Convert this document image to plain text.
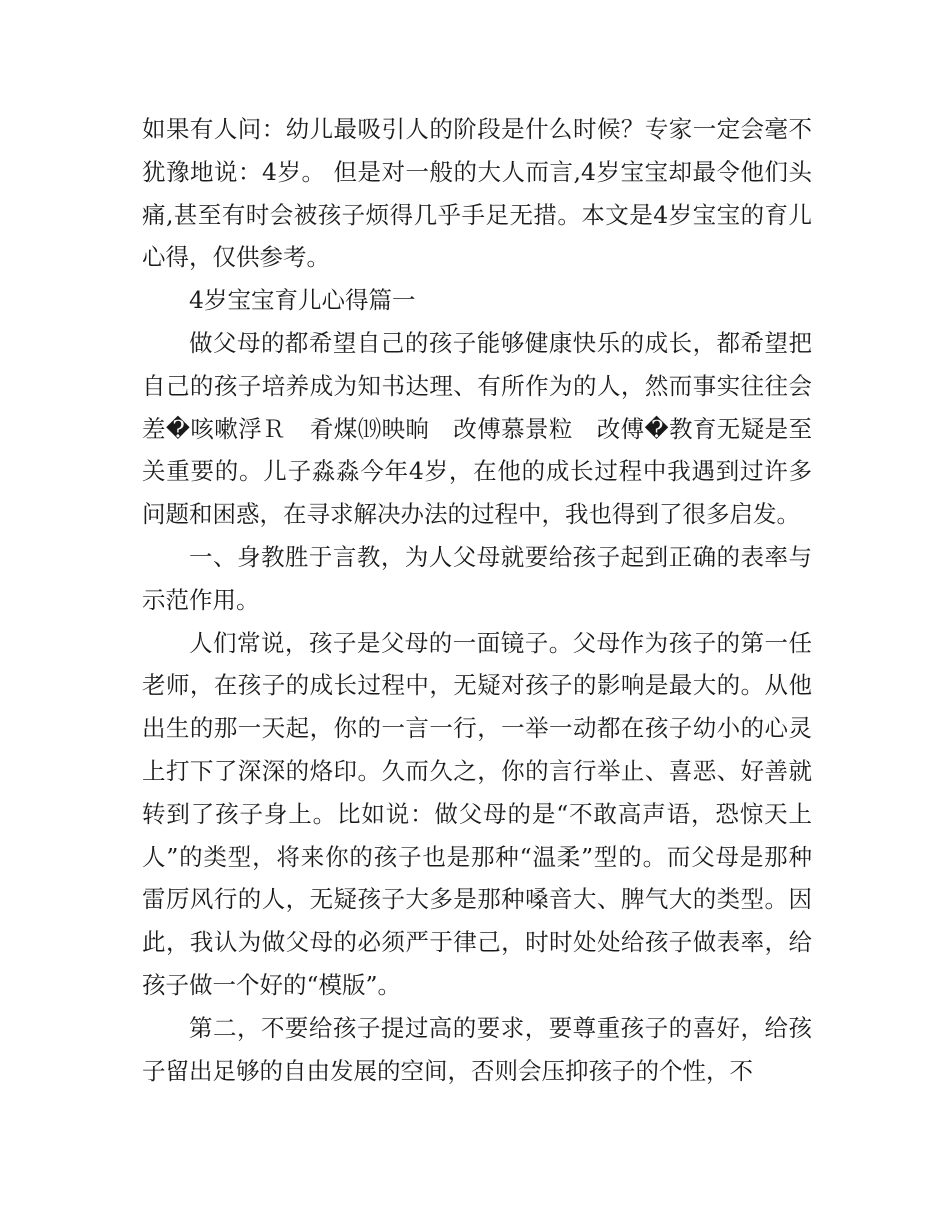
如果有人问：幼儿最吸引人的阶段是什么时候？专家一定会毫不犹豫地说：4岁。 但是对一般的大人而言,4岁宝宝却最令他们头痛,甚至有时会被孩子烦得几乎手足无措。本文是4岁宝宝的育儿心得，仅供参考。

4岁宝宝育儿心得篇一

做父母的都希望自己的孩子能够健康快乐的成长，都希望把自己的孩子培养成为知书达理、有所作为的人，然而事实往往会差�咳嗽浮Ｒ　肴煤⒆映晌　改傅慕景粒　改傅�教育无疑是至关重要的。儿子淼淼今年4岁，在他的成长过程中我遇到过许多问题和困惑，在寻求解决办法的过程中，我也得到了很多启发。

一、身教胜于言教，为人父母就要给孩子起到正确的表率与示范作用。

人们常说，孩子是父母的一面镜子。父母作为孩子的第一任老师，在孩子的成长过程中，无疑对孩子的影响是最大的。从他出生的那一天起，你的一言一行，一举一动都在孩子幼小的心灵上打下了深深的烙印。久而久之，你的言行举止、喜恶、好善就转到了孩子身上。比如说：做父母的是“不敢高声语，恐惊天上人”的类型，将来你的孩子也是那种“温柔”型的。而父母是那种雷厉风行的人，无疑孩子大多是那种嗓音大、脾气大的类型。因此，我认为做父母的必须严于律己，时时处处给孩子做表率，给孩子做一个好的“模版”。

第二，不要给孩子提过高的要求，要尊重孩子的喜好，给孩子留出足够的自由发展的空间，否则会压抑孩子的个性，不
